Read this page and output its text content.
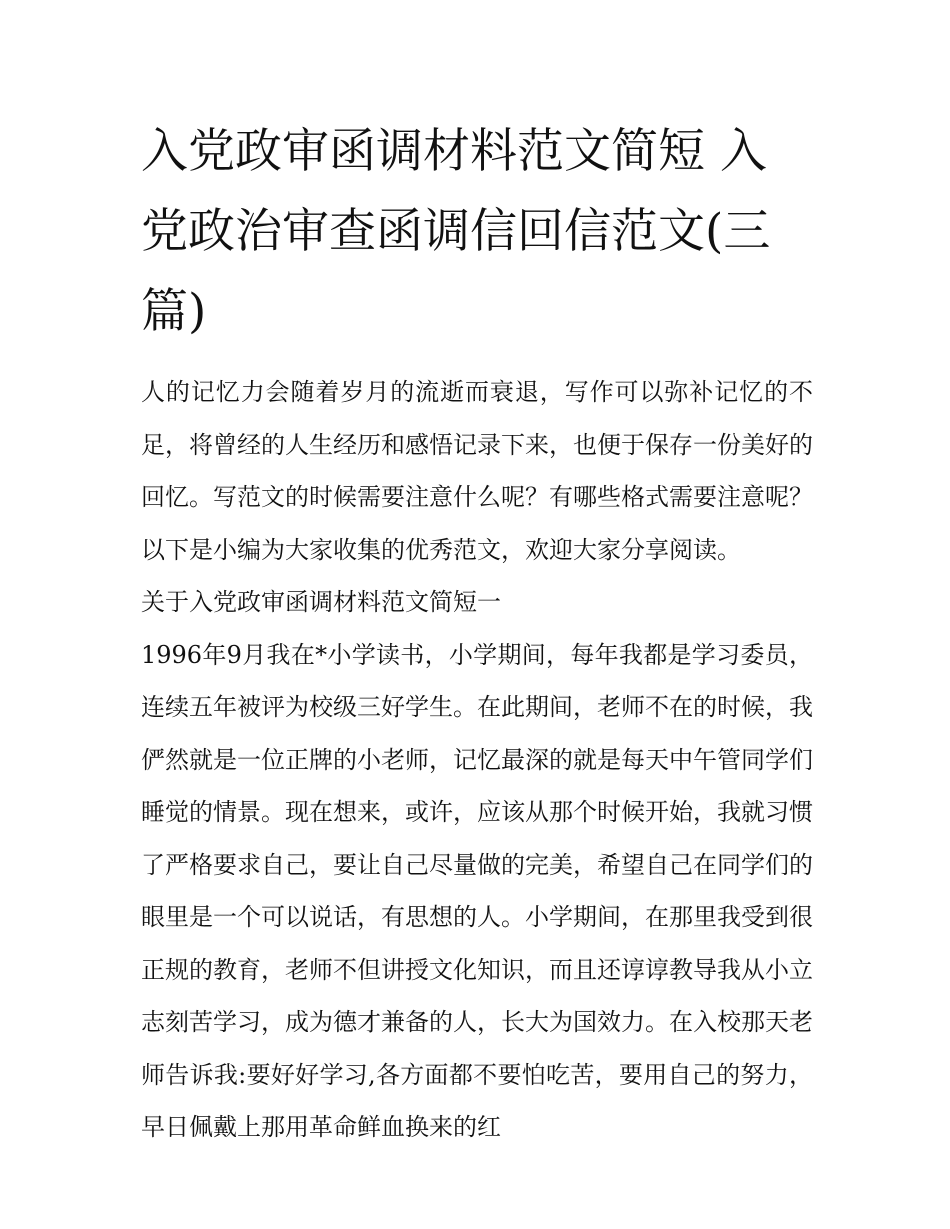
入党政审函调材料范文简短 入党政治审查函调信回信范文(三篇)

人的记忆力会随着岁月的流逝而衰退，写作可以弥补记忆的不足，将曾经的人生经历和感悟记录下来，也便于保存一份美好的回忆。写范文的时候需要注意什么呢？有哪些格式需要注意呢？以下是小编为大家收集的优秀范文，欢迎大家分享阅读。

关于入党政审函调材料范文简短一

1996年9月我在*小学读书，小学期间，每年我都是学习委员，连续五年被评为校级三好学生。在此期间，老师不在的时候，我俨然就是一位正牌的小老师，记忆最深的就是每天中午管同学们睡觉的情景。现在想来，或许，应该从那个时候开始，我就习惯了严格要求自己，要让自己尽量做的完美，希望自己在同学们的眼里是一个可以说话，有思想的人。小学期间，在那里我受到很正规的教育，老师不但讲授文化知识，而且还谆谆教导我从小立志刻苦学习，成为德才兼备的人，长大为国效力。在入校那天老师告诉我:要好好学习,各方面都不要怕吃苦，要用自己的努力，早日佩戴上那用革命鲜血换来的红
